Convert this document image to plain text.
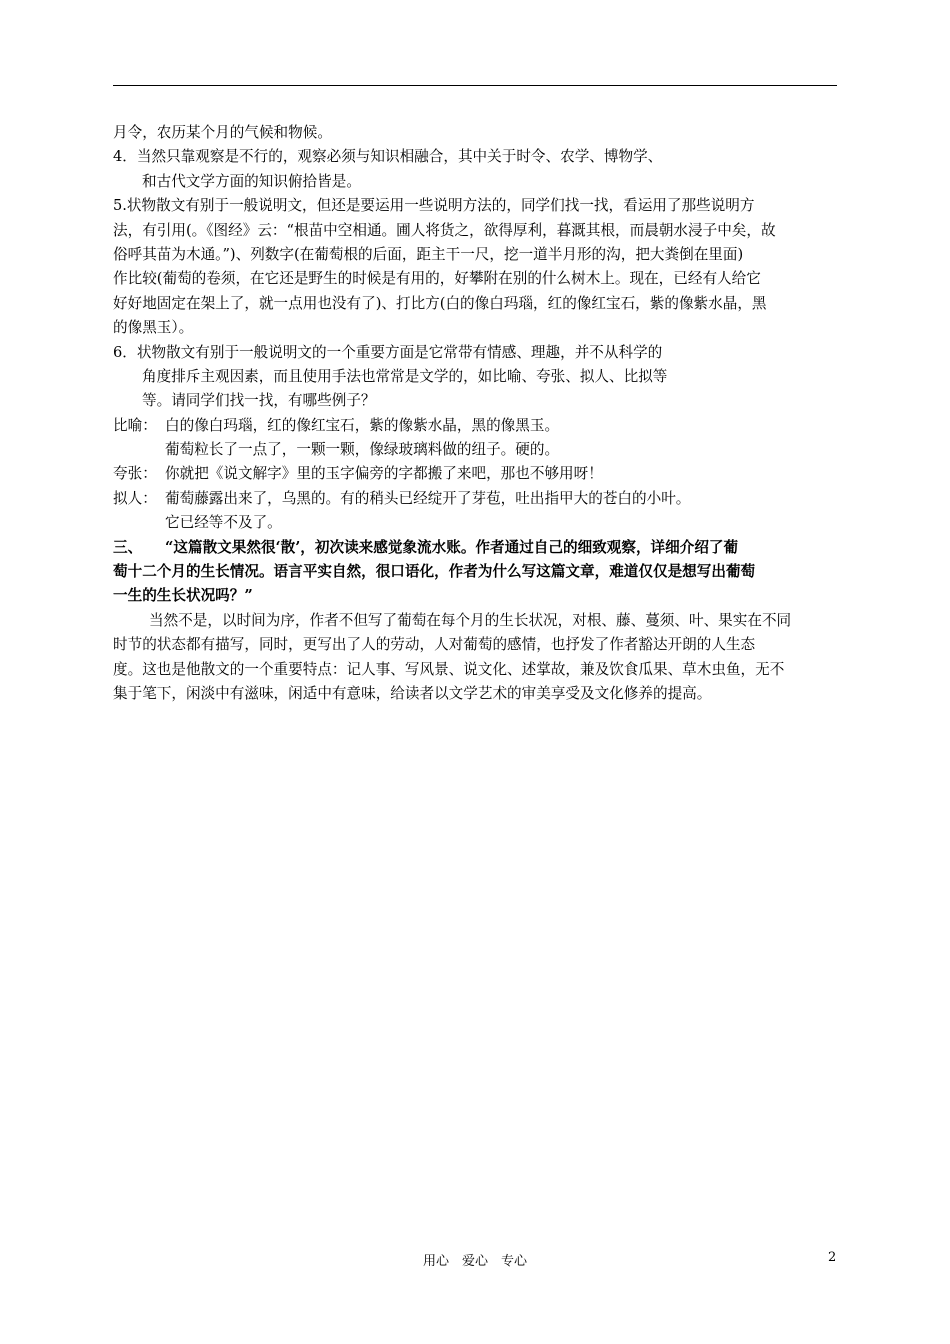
月令，农历某个月的气候和物候。
4．当然只靠观察是不行的，观察必须与知识相融合，其中关于时令、农学、博物学、
和古代文学方面的知识俯拾皆是。
5.状物散文有别于一般说明文，但还是要运用一些说明方法的，同学们找一找，看运用了那些说明方
法，有引用(。《图经》云：“根苗中空相通。圃人将货之，欲得厚利，暮溉其根，而晨朝水浸子中矣，故
俗呼其苗为木通。”)、列数字(在葡萄根的后面，距主干一尺，挖一道半月形的沟，把大粪倒在里面)
作比较(葡萄的卷须，在它还是野生的时候是有用的，好攀附在别的什么树木上。现在，已经有人给它
好好地固定在架上了，就一点用也没有了)、打比方(白的像白玛瑙，红的像红宝石，紫的像紫水晶，黑
的像黑玉）。
6．状物散文有别于一般说明文的一个重要方面是它常带有情感、理趣，并不从科学的
角度排斥主观因素，而且使用手法也常常是文学的，如比喻、夸张、拟人、比拟等
等。请同学们找一找，有哪些例子？
比喻： 白的像白玛瑙，红的像红宝石，紫的像紫水晶，黑的像黑玉。
葡萄粒长了一点了，一颗一颗，像绿玻璃料做的纽子。硬的。
夸张： 你就把《说文解字》里的玉字偏旁的字都搬了来吧，那也不够用呀！
拟人： 葡萄藤露出来了，乌黑的。有的稍头已经绽开了芽苞，吐出指甲大的苍白的小叶。
它已经等不及了。
三、 “这篇散文果然很‘散’，初次读来感觉象流水账。作者通过自己的细致观察，详细介绍了葡
萄十二个月的生长情况。语言平实自然，很口语化，作者为什么写这篇文章，难道仅仅是想写出葡萄
一生的生长状况吗？”
当然不是，以时间为序，作者不但写了葡萄在每个月的生长状况，对根、藤、蔓须、叶、果实在不同
时节的状态都有描写，同时，更写出了人的劳动，人对葡萄的感情，也抒发了作者豁达开朗的人生态
度。这也是他散文的一个重要特点：记人事、写风景、说文化、述掌故，兼及饮食瓜果、草木虫鱼，无不
集于笔下，闲淡中有滋味，闲适中有意味，给读者以文学艺术的审美享受及文化修养的提高。
用心　爱心　专心	2
